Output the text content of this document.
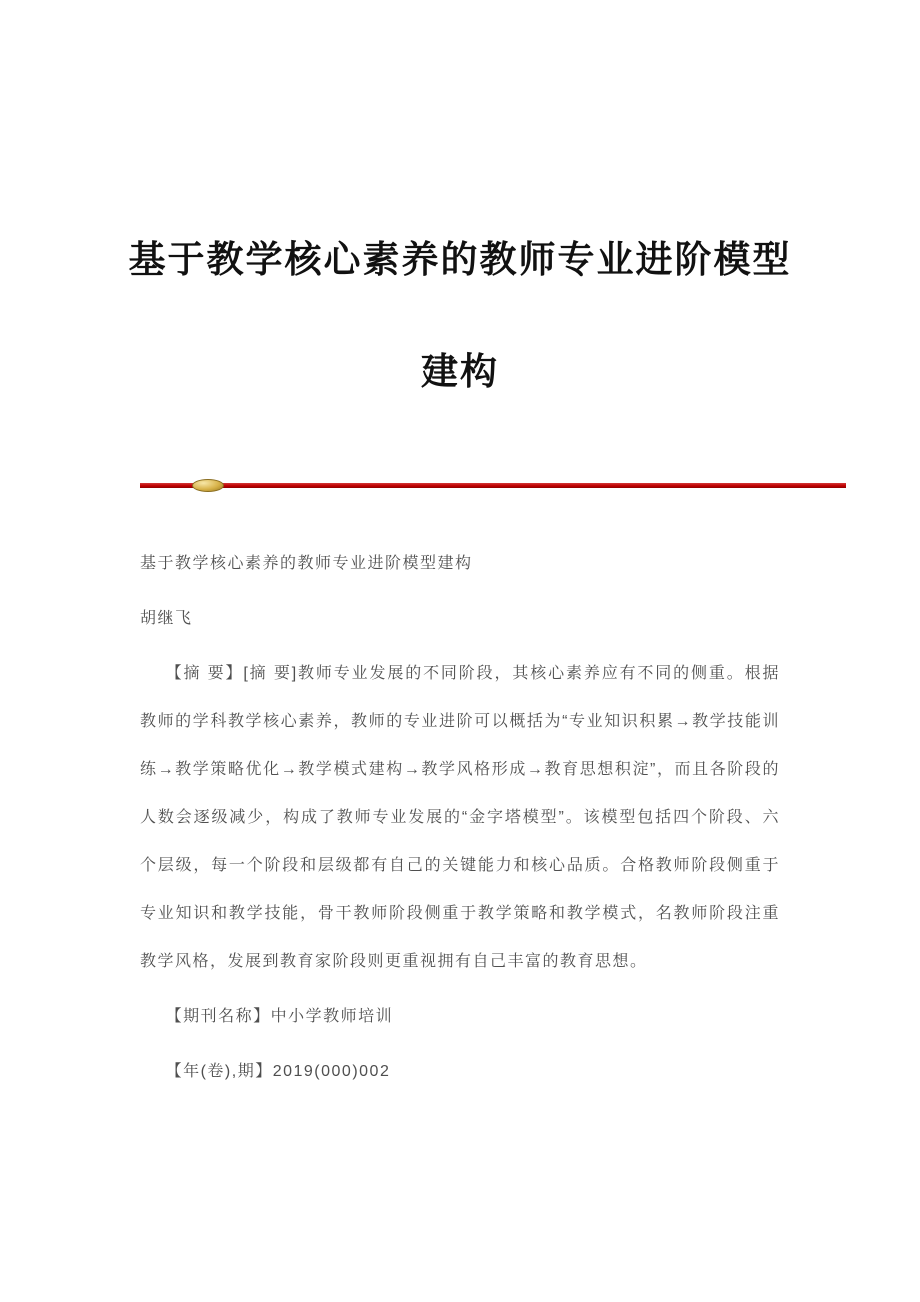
基于教学核心素养的教师专业进阶模型
建构

基于教学核心素养的教师专业进阶模型建构

胡继飞

【摘 要】[摘 要]教师专业发展的不同阶段，其核心素养应有不同的侧重。根据教师的学科教学核心素养，教师的专业进阶可以概括为“专业知识积累→教学技能训练→教学策略优化→教学模式建构→教学风格形成→教育思想积淀”，而且各阶段的人数会逐级减少，构成了教师专业发展的“金字塔模型”。该模型包括四个阶段、六个层级，每一个阶段和层级都有自己的关键能力和核心品质。合格教师阶段侧重于专业知识和教学技能，骨干教师阶段侧重于教学策略和教学模式，名教师阶段注重教学风格，发展到教育家阶段则更重视拥有自己丰富的教育思想。

【期刊名称】中小学教师培训

【年(卷),期】2019(000)002
